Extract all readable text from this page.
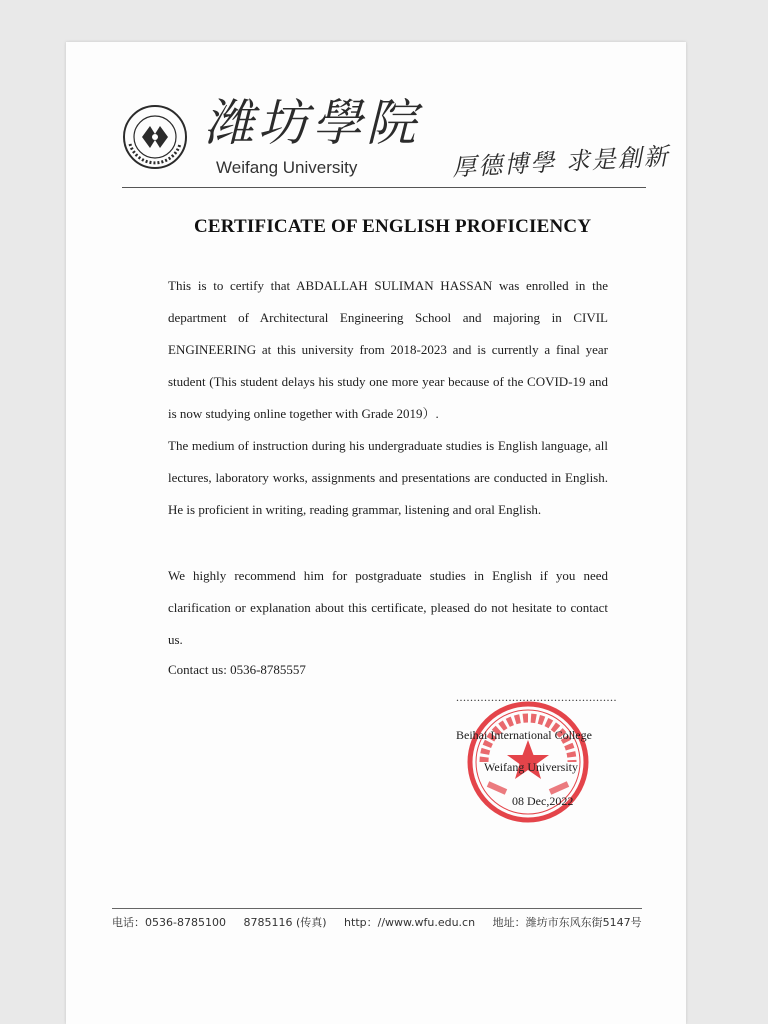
潍坊學院
Weifang University	厚德博學 求是創新
CERTIFICATE OF ENGLISH PROFICIENCY
This is to certify that ABDALLAH SULIMAN HASSAN was enrolled in the department of Architectural Engineering School and majoring in CIVIL ENGINEERING at this university from 2018-2023 and is currently a final year student (This student delays his study one more year because of the COVID-19 and is now studying online together with Grade 2019）.
The medium of instruction during his undergraduate studies is English language, all lectures, laboratory works, assignments and presentations are conducted in English. He is proficient in writing, reading grammar, listening and oral English.
We highly recommend him for postgraduate studies in English if you need clarification or explanation about this certificate, pleased do not hesitate to contact us.
Contact us: 0536-8785557
..............................................
Beihai International College
Weifang University
08 Dec,2022
电话：0536-8785100 8785116 (传真) http：//www.wfu.edu.cn 地址：潍坊市东风东街5147号
